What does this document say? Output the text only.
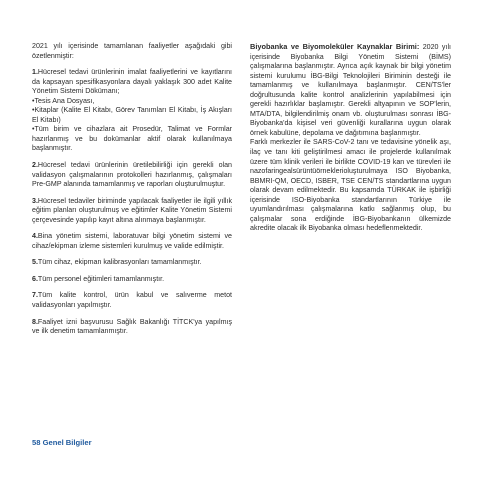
2021 yılı içerisinde tamamlanan faaliyetler aşağıdaki gibi özetlenmiştir:

1.Hücresel tedavi ürünlerinin imalat faaliyetlerini ve kayıtlarını da kapsayan spesifikasyonlara dayalı yaklaşık 300 adet Kalite Yönetim Sistemi Dökümanı;

•Tesis Ana Dosyası,

•Kitaplar (Kalite El Kitabı, Görev Tanımları El Kitabı, İş Akışları El Kitabı)

•Tüm birim ve cihazlara ait Prosedür, Talimat ve Formlar hazırlanmış ve bu dokümanlar aktif olarak kullanılmaya başlanmıştır.

2.Hücresel tedavi ürünlerinin üretilebilirliği için gerekli olan validasyon çalışmalarının protokolleri hazırlanmış, çalışmaları Pre-GMP alanında tamamlanmış ve raporları oluşturulmuştur.

3.Hücresel tedaviler biriminde yapılacak faaliyetler ile ilgili yıllık eğitim planları oluşturulmuş ve eğitimler Kalite Yönetim Sistemi çerçevesinde yapılıp kayıt altına alınmaya başlanmıştır.

4.Bina yönetim sistemi, laboratuvar bilgi yönetim sistemi ve cihaz/ekipman izleme sistemleri kurulmuş ve valide edilmiştir.

5.Tüm cihaz, ekipman kalibrasyonları tamamlanmıştır.

6.Tüm personel eğitimleri tamamlanmıştır.

7.Tüm kalite kontrol, ürün kabul ve salıverme metot validasyonları yapılmıştır.

8.Faaliyet izni başvurusu Sağlık Bakanlığı TİTCK'ya yapılmış ve ilk denetim tamamlanmıştır.

Biyobanka ve Biyomoleküler Kaynaklar Birimi: 2020 yılı içerisinde Biyobanka Bilgi Yönetim Sistemi (BİMS) çalışmalarına başlanmıştır. Ayrıca açık kaynak bir bilgi yönetim sistemi kurulumu İBG-Bilgi Teknolojileri Biriminin desteği ile tamamlanmış ve kullanılmaya başlanmıştır. CEN/TS'ler doğrultusunda kalite kontrol analizlerinin yapılabilmesi için gerekli hazırlıklar başlamıştır. Gerekli altyapının ve SOP'lerin, MTA/DTA, bilgilendirilmiş onam vb. oluşturulması sonrası İBG-Biyobanka'da kişisel veri güvenliği kurallarına uygun olarak örnek kabulüne, depolama ve dağıtımına başlanmıştır.

Farklı merkezler ile SARS-CoV-2 tanı ve tedavisine yönelik aşı, ilaç ve tanı kiti geliştirilmesi amacı ile projelerde kullanılmak üzere tüm klinik verileri ile birlikte COVID-19 kan ve türevleri ile nazofaringealsürüntüörneklerioluşturulmaya ISO Biyobanka, BBMRI-QM, OECD, ISBER, TSE CEN/TS standartlarına uygun olarak devam edilmektedir. Bu kapsamda TÜRKAK ile işbirliği içerisinde ISO-Biyobanka standartlarının Türkiye ile uyumlandırılması çalışmalarına katkı sağlanmış olup, bu çalışmalar sona erdiğinde İBG-Biyobankanın ülkemizde akredite olacak ilk Biyobanka olması hedeflenmektedir.

58 Genel Bilgiler
